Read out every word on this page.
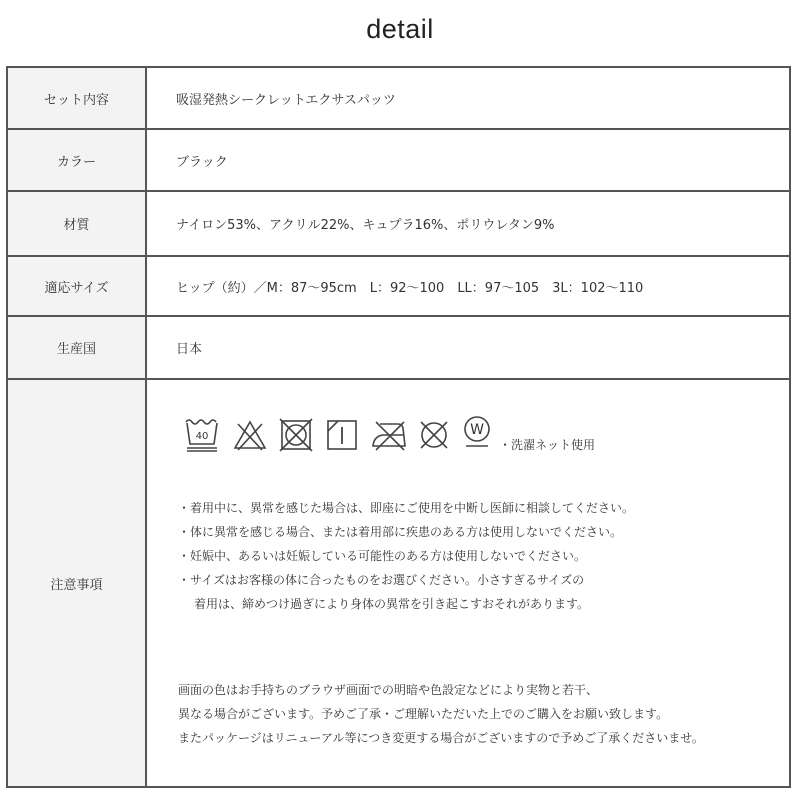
detail
セット内容	吸湿発熱シークレットエクサスパッツ
カラー	ブラック
材質	ナイロン53%、アクリル22%、キュプラ16%、ポリウレタン9%
適応サイズ	ヒップ（約）／M：87〜95cm　L：92〜100　LL：97〜105　3L：102〜110
生産国	日本
注意事項
40	W
・洗濯ネット使用
・着用中に、異常を感じた場合は、即座にご使用を中断し医師に相談してください。
・体に異常を感じる場合、または着用部に疾患のある方は使用しないでください。
・妊娠中、あるいは妊娠している可能性のある方は使用しないでください。
・サイズはお客様の体に合ったものをお選びください。小さすぎるサイズの
着用は、締めつけ過ぎにより身体の異常を引き起こすおそれがあります。
画面の色はお手持ちのブラウザ画面での明暗や色設定などにより実物と若干、
異なる場合がございます。予めご了承・ご理解いただいた上でのご購入をお願い致します。
またパッケージはリニューアル等につき変更する場合がございますので予めご了承くださいませ。
